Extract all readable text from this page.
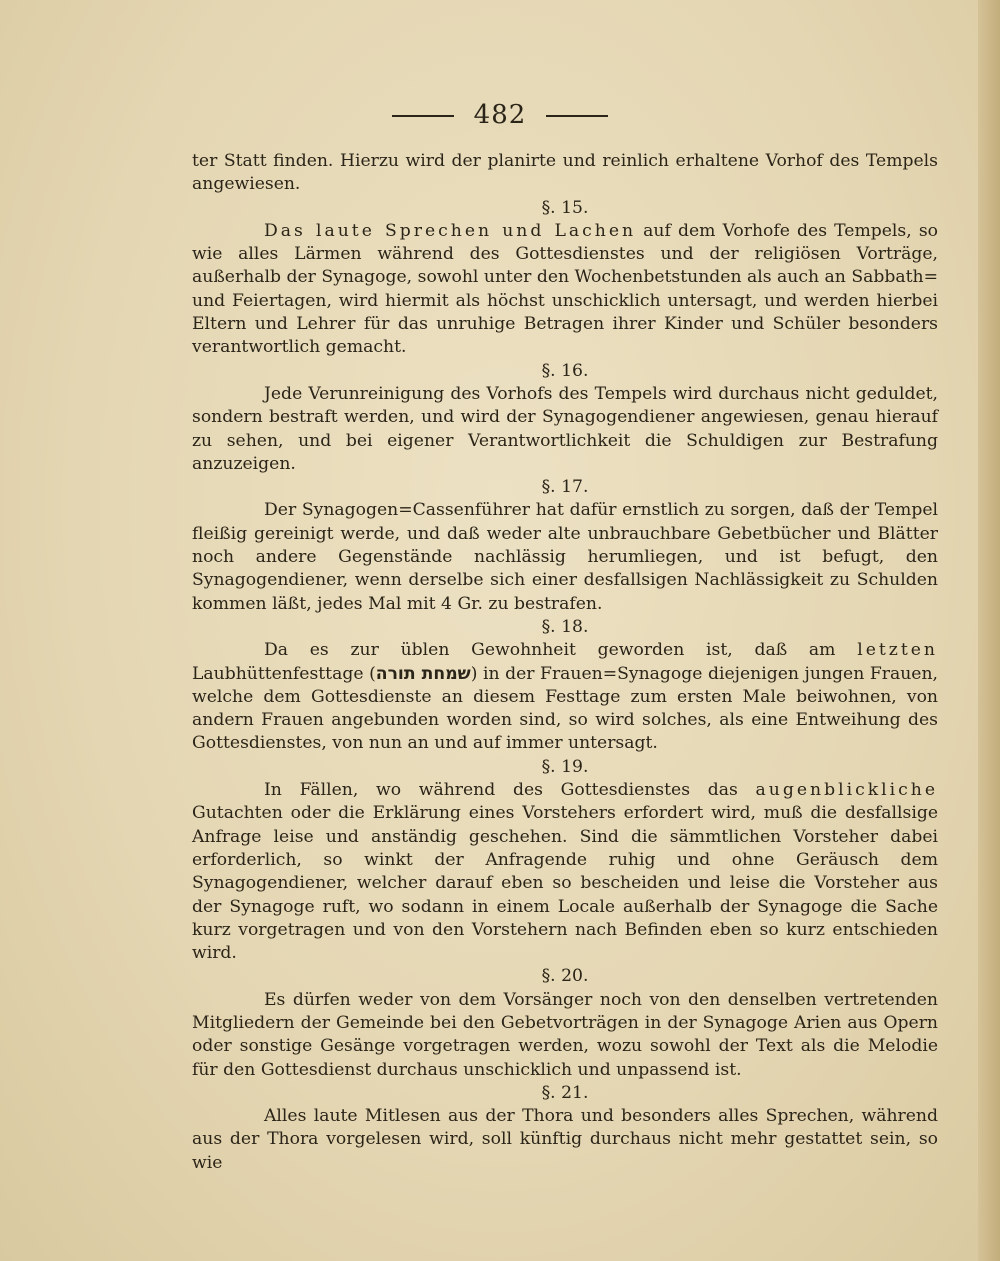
482

ter Statt finden. Hierzu wird der planirte und reinlich erhaltene Vorhof des Tempels angewiesen.

§. 15.

Das laute Sprechen und Lachen auf dem Vorhofe des Tempels, so wie alles Lärmen während des Gottesdienstes und der religiösen Vorträge, außerhalb der Synagoge, sowohl unter den Wochenbetstunden als auch an Sabbath= und Feiertagen, wird hiermit als höchst unschicklich untersagt, und werden hierbei Eltern und Lehrer für das unruhige Betragen ihrer Kinder und Schüler besonders verantwortlich gemacht.

§. 16.

Jede Verunreinigung des Vorhofs des Tempels wird durchaus nicht geduldet, sondern bestraft werden, und wird der Synagogendiener angewiesen, genau hierauf zu sehen, und bei eigener Verantwortlichkeit die Schuldigen zur Bestrafung anzuzeigen.

§. 17.

Der Synagogen=Cassenführer hat dafür ernstlich zu sorgen, daß der Tempel fleißig gereinigt werde, und daß weder alte unbrauchbare Gebetbücher und Blätter noch andere Gegenstände nachlässig herumliegen, und ist befugt, den Synagogendiener, wenn derselbe sich einer desfallsigen Nachlässigkeit zu Schulden kommen läßt, jedes Mal mit 4 Gr. zu bestrafen.

§. 18.

Da es zur üblen Gewohnheit geworden ist, daß am letzten Laubhüttenfesttage (שמחת תורה) in der Frauen=Synagoge diejenigen jungen Frauen, welche dem Gottesdienste an diesem Festtage zum ersten Male beiwohnen, von andern Frauen angebunden worden sind, so wird solches, als eine Entweihung des Gottesdienstes, von nun an und auf immer untersagt.

§. 19.

In Fällen, wo während des Gottesdienstes das augenblickliche Gutachten oder die Erklärung eines Vorstehers erfordert wird, muß die desfallsige Anfrage leise und anständig geschehen. Sind die sämmtlichen Vorsteher dabei erforderlich, so winkt der Anfragende ruhig und ohne Geräusch dem Synagogendiener, welcher darauf eben so bescheiden und leise die Vorsteher aus der Synagoge ruft, wo sodann in einem Locale außerhalb der Synagoge die Sache kurz vorgetragen und von den Vorstehern nach Befinden eben so kurz entschieden wird.

§. 20.

Es dürfen weder von dem Vorsänger noch von den denselben vertretenden Mitgliedern der Gemeinde bei den Gebetvorträgen in der Synagoge Arien aus Opern oder sonstige Gesänge vorgetragen werden, wozu sowohl der Text als die Melodie für den Gottesdienst durchaus unschicklich und unpassend ist.

§. 21.

Alles laute Mitlesen aus der Thora und besonders alles Sprechen, während aus der Thora vorgelesen wird, soll künftig durchaus nicht mehr gestattet sein, so wie
